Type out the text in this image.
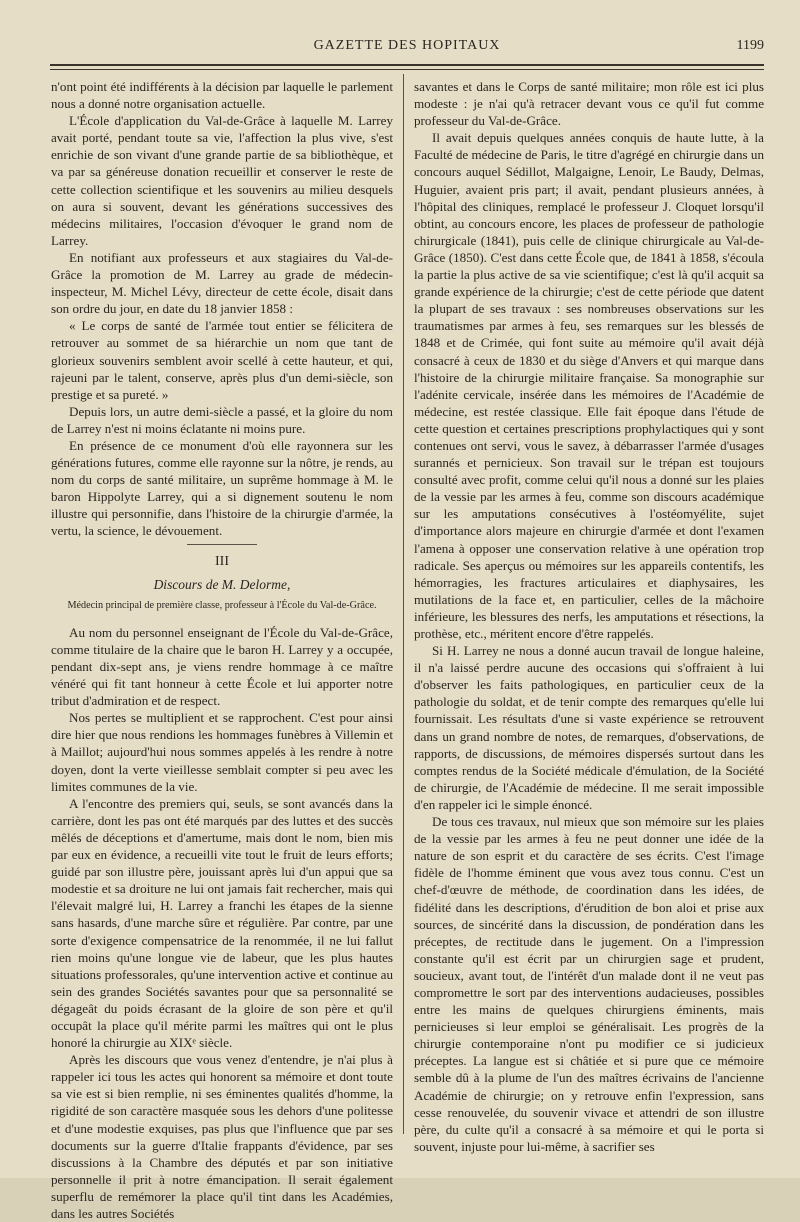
GAZETTE DES HOPITAUX	1199

n'ont point été indifférents à la décision par laquelle le parlement nous a donné notre organisation actuelle.

L'École d'application du Val-de-Grâce à laquelle M. Larrey avait porté, pendant toute sa vie, l'affection la plus vive, s'est enrichie de son vivant d'une grande partie de sa bibliothèque, et va par sa généreuse donation recueillir et conserver le reste de cette collection scientifique et les souvenirs au milieu desquels on aura si souvent, devant les générations successives des médecins militaires, l'occasion d'évoquer le grand nom de Larrey.

En notifiant aux professeurs et aux stagiaires du Val-de-Grâce la promotion de M. Larrey au grade de médecin-inspecteur, M. Michel Lévy, directeur de cette école, disait dans son ordre du jour, en date du 18 janvier 1858 :

« Le corps de santé de l'armée tout entier se félicitera de retrouver au sommet de sa hiérarchie un nom que tant de glorieux souvenirs semblent avoir scellé à cette hauteur, et qui, rajeuni par le talent, conserve, après plus d'un demi-siècle, son prestige et sa pureté. »

Depuis lors, un autre demi-siècle a passé, et la gloire du nom de Larrey n'est ni moins éclatante ni moins pure.

En présence de ce monument d'où elle rayonnera sur les générations futures, comme elle rayonne sur la nôtre, je rends, au nom du corps de santé militaire, un suprême hommage à M. le baron Hippolyte Larrey, qui a si dignement soutenu le nom illustre qui personnifie, dans l'histoire de la chirurgie d'armée, la vertu, la science, le dévouement.

III
Discours de M. Delorme,
Médecin principal de première classe, professeur à l'École du Val-de-Grâce.

Au nom du personnel enseignant de l'École du Val-de-Grâce, comme titulaire de la chaire que le baron H. Larrey y a occupée, pendant dix-sept ans, je viens rendre hommage à ce maître vénéré qui fit tant honneur à cette École et lui apporter notre tribut d'admiration et de respect.

Nos pertes se multiplient et se rapprochent. C'est pour ainsi dire hier que nous rendions les hommages funèbres à Villemin et à Maillot; aujourd'hui nous sommes appelés à les rendre à notre doyen, dont la verte vieillesse semblait compter si peu avec les limites communes de la vie.

A l'encontre des premiers qui, seuls, se sont avancés dans la carrière, dont les pas ont été marqués par des luttes et des succès mêlés de déceptions et d'amertume, mais dont le nom, bien mis par eux en évidence, a recueilli vite tout le fruit de leurs efforts; guidé par son illustre père, jouissant après lui d'un appui que sa modestie et sa droiture ne lui ont jamais fait rechercher, mais qui l'élevait malgré lui, H. Larrey a franchi les étapes de la sienne sans hasards, d'une marche sûre et régulière. Par contre, par une sorte d'exigence compensatrice de la renommée, il ne lui fallut rien moins qu'une longue vie de labeur, que les plus hautes situations professorales, qu'une intervention active et continue au sein des grandes Sociétés savantes pour que sa personnalité se dégageât du poids écrasant de la gloire de son père et qu'il occupât la place qu'il mérite parmi les maîtres qui ont le plus honoré la chirurgie au XIXᵉ siècle.

Après les discours que vous venez d'entendre, je n'ai plus à rappeler ici tous les actes qui honorent sa mémoire et dont toute sa vie est si bien remplie, ni ses éminentes qualités d'homme, la rigidité de son caractère masquée sous les dehors d'une politesse et d'une modestie exquises, pas plus que l'influence que par ses documents sur la guerre d'Italie frappants d'évidence, par ses discussions à la Chambre des députés et par son initiative personnelle il prit à notre émancipation. Il serait également superflu de remémorer la place qu'il tint dans les Académies, dans les autres Sociétés

savantes et dans le Corps de santé militaire; mon rôle est ici plus modeste : je n'ai qu'à retracer devant vous ce qu'il fut comme professeur du Val-de-Grâce.

Il avait depuis quelques années conquis de haute lutte, à la Faculté de médecine de Paris, le titre d'agrégé en chirurgie dans un concours auquel Sédillot, Malgaigne, Lenoir, Le Baudy, Delmas, Huguier, avaient pris part; il avait, pendant plusieurs années, à l'hôpital des cliniques, remplacé le professeur J. Cloquet lorsqu'il obtint, au concours encore, les places de professeur de pathologie chirurgicale (1841), puis celle de clinique chirurgicale au Val-de-Grâce (1850). C'est dans cette École que, de 1841 à 1858, s'écoula la partie la plus active de sa vie scientifique; c'est là qu'il acquit sa grande expérience de la chirurgie; c'est de cette période que datent la plupart de ses travaux : ses nombreuses observations sur les traumatismes par armes à feu, ses remarques sur les blessés de 1848 et de Crimée, qui font suite au mémoire qu'il avait déjà consacré à ceux de 1830 et du siège d'Anvers et qui marque dans l'histoire de la chirurgie militaire française. Sa monographie sur l'adénite cervicale, insérée dans les mémoires de l'Académie de médecine, est restée classique. Elle fait époque dans l'étude de cette question et certaines prescriptions prophylactiques qui y sont contenues ont servi, vous le savez, à débarrasser l'armée d'usages surannés et pernicieux. Son travail sur le trépan est toujours consulté avec profit, comme celui qu'il nous a donné sur les plaies de la vessie par les armes à feu, comme son discours académique sur les amputations consécutives à l'ostéomyélite, sujet d'importance alors majeure en chirurgie d'armée et dont l'examen l'amena à opposer une conservation relative à une opération trop radicale. Ses aperçus ou mémoires sur les appareils contentifs, les hémorragies, les fractures articulaires et diaphysaires, les mutilations de la face et, en particulier, celles de la mâchoire inférieure, les blessures des nerfs, les amputations et résections, la prothèse, etc., méritent encore d'être rappelés.

Si H. Larrey ne nous a donné aucun travail de longue haleine, il n'a laissé perdre aucune des occasions qui s'offraient à lui d'observer les faits pathologiques, en particulier ceux de la pathologie du soldat, et de tenir compte des remarques qu'elle lui fournissait. Les résultats d'une si vaste expérience se retrouvent dans un grand nombre de notes, de remarques, d'observations, de rapports, de discussions, de mémoires dispersés surtout dans les comptes rendus de la Société médicale d'émulation, de la Société de chirurgie, de l'Académie de médecine. Il me serait impossible d'en rappeler ici le simple énoncé.

De tous ces travaux, nul mieux que son mémoire sur les plaies de la vessie par les armes à feu ne peut donner une idée de la nature de son esprit et du caractère de ses écrits. C'est l'image fidèle de l'homme éminent que vous avez tous connu. C'est un chef-d'œuvre de méthode, de coordination dans les idées, de fidélité dans les descriptions, d'érudition de bon aloi et prise aux sources, de sincérité dans la discussion, de pondération dans les préceptes, de rectitude dans le jugement. On a l'impression constante qu'il est écrit par un chirurgien sage et prudent, soucieux, avant tout, de l'intérêt d'un malade dont il ne veut pas compromettre le sort par des interventions audacieuses, possibles entre les mains de quelques chirurgiens éminents, mais pernicieuses si leur emploi se généralisait. Les progrès de la chirurgie contemporaine n'ont pu modifier ce si judicieux préceptes. La langue est si châtiée et si pure que ce mémoire semble dû à la plume de l'un des maîtres écrivains de l'ancienne Académie de chirurgie; on y retrouve enfin l'expression, sans cesse renouvelée, du souvenir vivace et attendri de son illustre père, du culte qu'il a consacré à sa mémoire et qui le porta si souvent, injuste pour lui-même, à sacrifier ses
